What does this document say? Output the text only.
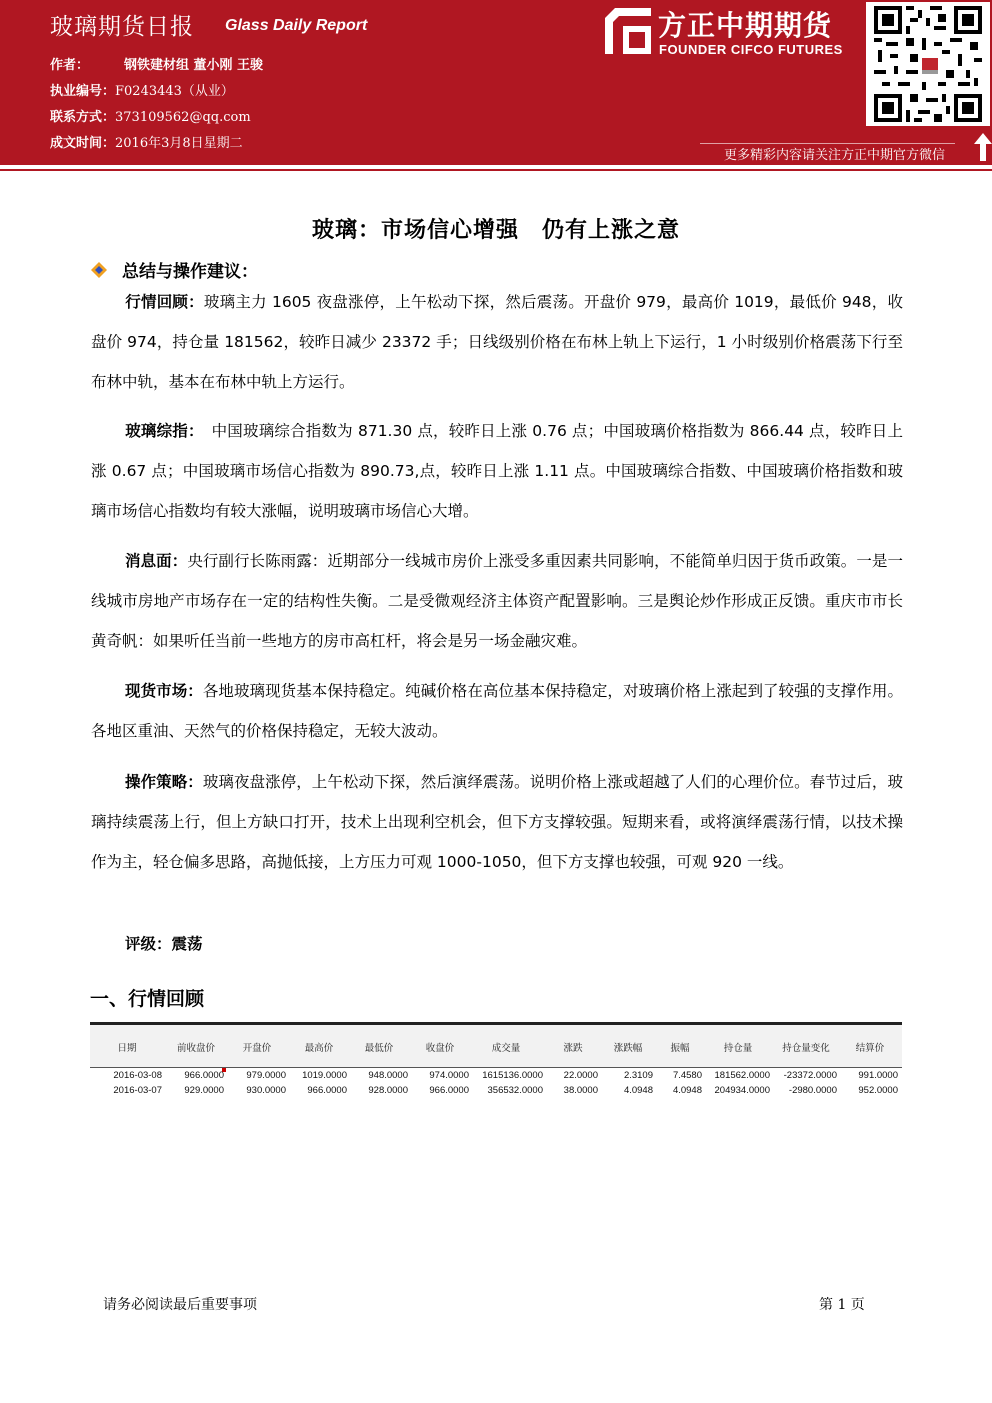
玻璃期货日报 Glass Daily Report
作者：	钢铁建材组 董小刚 王骏
执业编号：F0243443（从业）
联系方式：373109562@qq.com
成文时间：2016年3月8日星期二
方正中期期货
FOUNDER CIFCO FUTURES
更多精彩内容请关注方正中期官方微信
玻璃：市场信心增强　仍有上涨之意
总结与操作建议：
行情回顾：玻璃主力 1605 夜盘涨停，上午松动下探，然后震荡。开盘价 979，最高价 1019，最低价 948，收盘价 974，持仓量 181562，较昨日减少 23372 手；日线级别价格在布林上轨上下运行，1 小时级别价格震荡下行至布林中轨，基本在布林中轨上方运行。
玻璃综指：　中国玻璃综合指数为 871.30 点，较昨日上涨 0.76 点；中国玻璃价格指数为 866.44 点，较昨日上涨 0.67 点；中国玻璃市场信心指数为 890.73,点，较昨日上涨 1.11 点。中国玻璃综合指数、中国玻璃价格指数和玻璃市场信心指数均有较大涨幅，说明玻璃市场信心大增。
消息面：央行副行长陈雨露：近期部分一线城市房价上涨受多重因素共同影响，不能简单归因于货币政策。一是一线城市房地产市场存在一定的结构性失衡。二是受微观经济主体资产配置影响。三是舆论炒作形成正反馈。重庆市市长黄奇帆：如果听任当前一些地方的房市高杠杆，将会是另一场金融灾难。
现货市场：各地玻璃现货基本保持稳定。纯碱价格在高位基本保持稳定，对玻璃价格上涨起到了较强的支撑作用。各地区重油、天然气的价格保持稳定，无较大波动。
操作策略：玻璃夜盘涨停，上午松动下探，然后演绎震荡。说明价格上涨或超越了人们的心理价位。春节过后，玻璃持续震荡上行，但上方缺口打开，技术上出现利空机会，但下方支撑较强。短期来看，或将演绎震荡行情，以技术操作为主，轻仓偏多思路，高抛低接，上方压力可观 1000-1050，但下方支撑也较强，可观 920 一线。
评级：震荡
一、行情回顾
日期	前收盘价	开盘价	最高价	最低价	收盘价	成交量	涨跌	涨跌幅	振幅	持仓量	持仓量变化	结算价
2016-03-08	966.0000	979.0000	1019.0000	948.0000	974.0000	1615136.0000	22.0000	2.3109	7.4580	181562.0000	-23372.0000	991.0000
2016-03-07	929.0000	930.0000	966.0000	928.0000	966.0000	356532.0000	38.0000	4.0948	4.0948	204934.0000	-2980.0000	952.0000
请务必阅读最后重要事项	第 1 页
